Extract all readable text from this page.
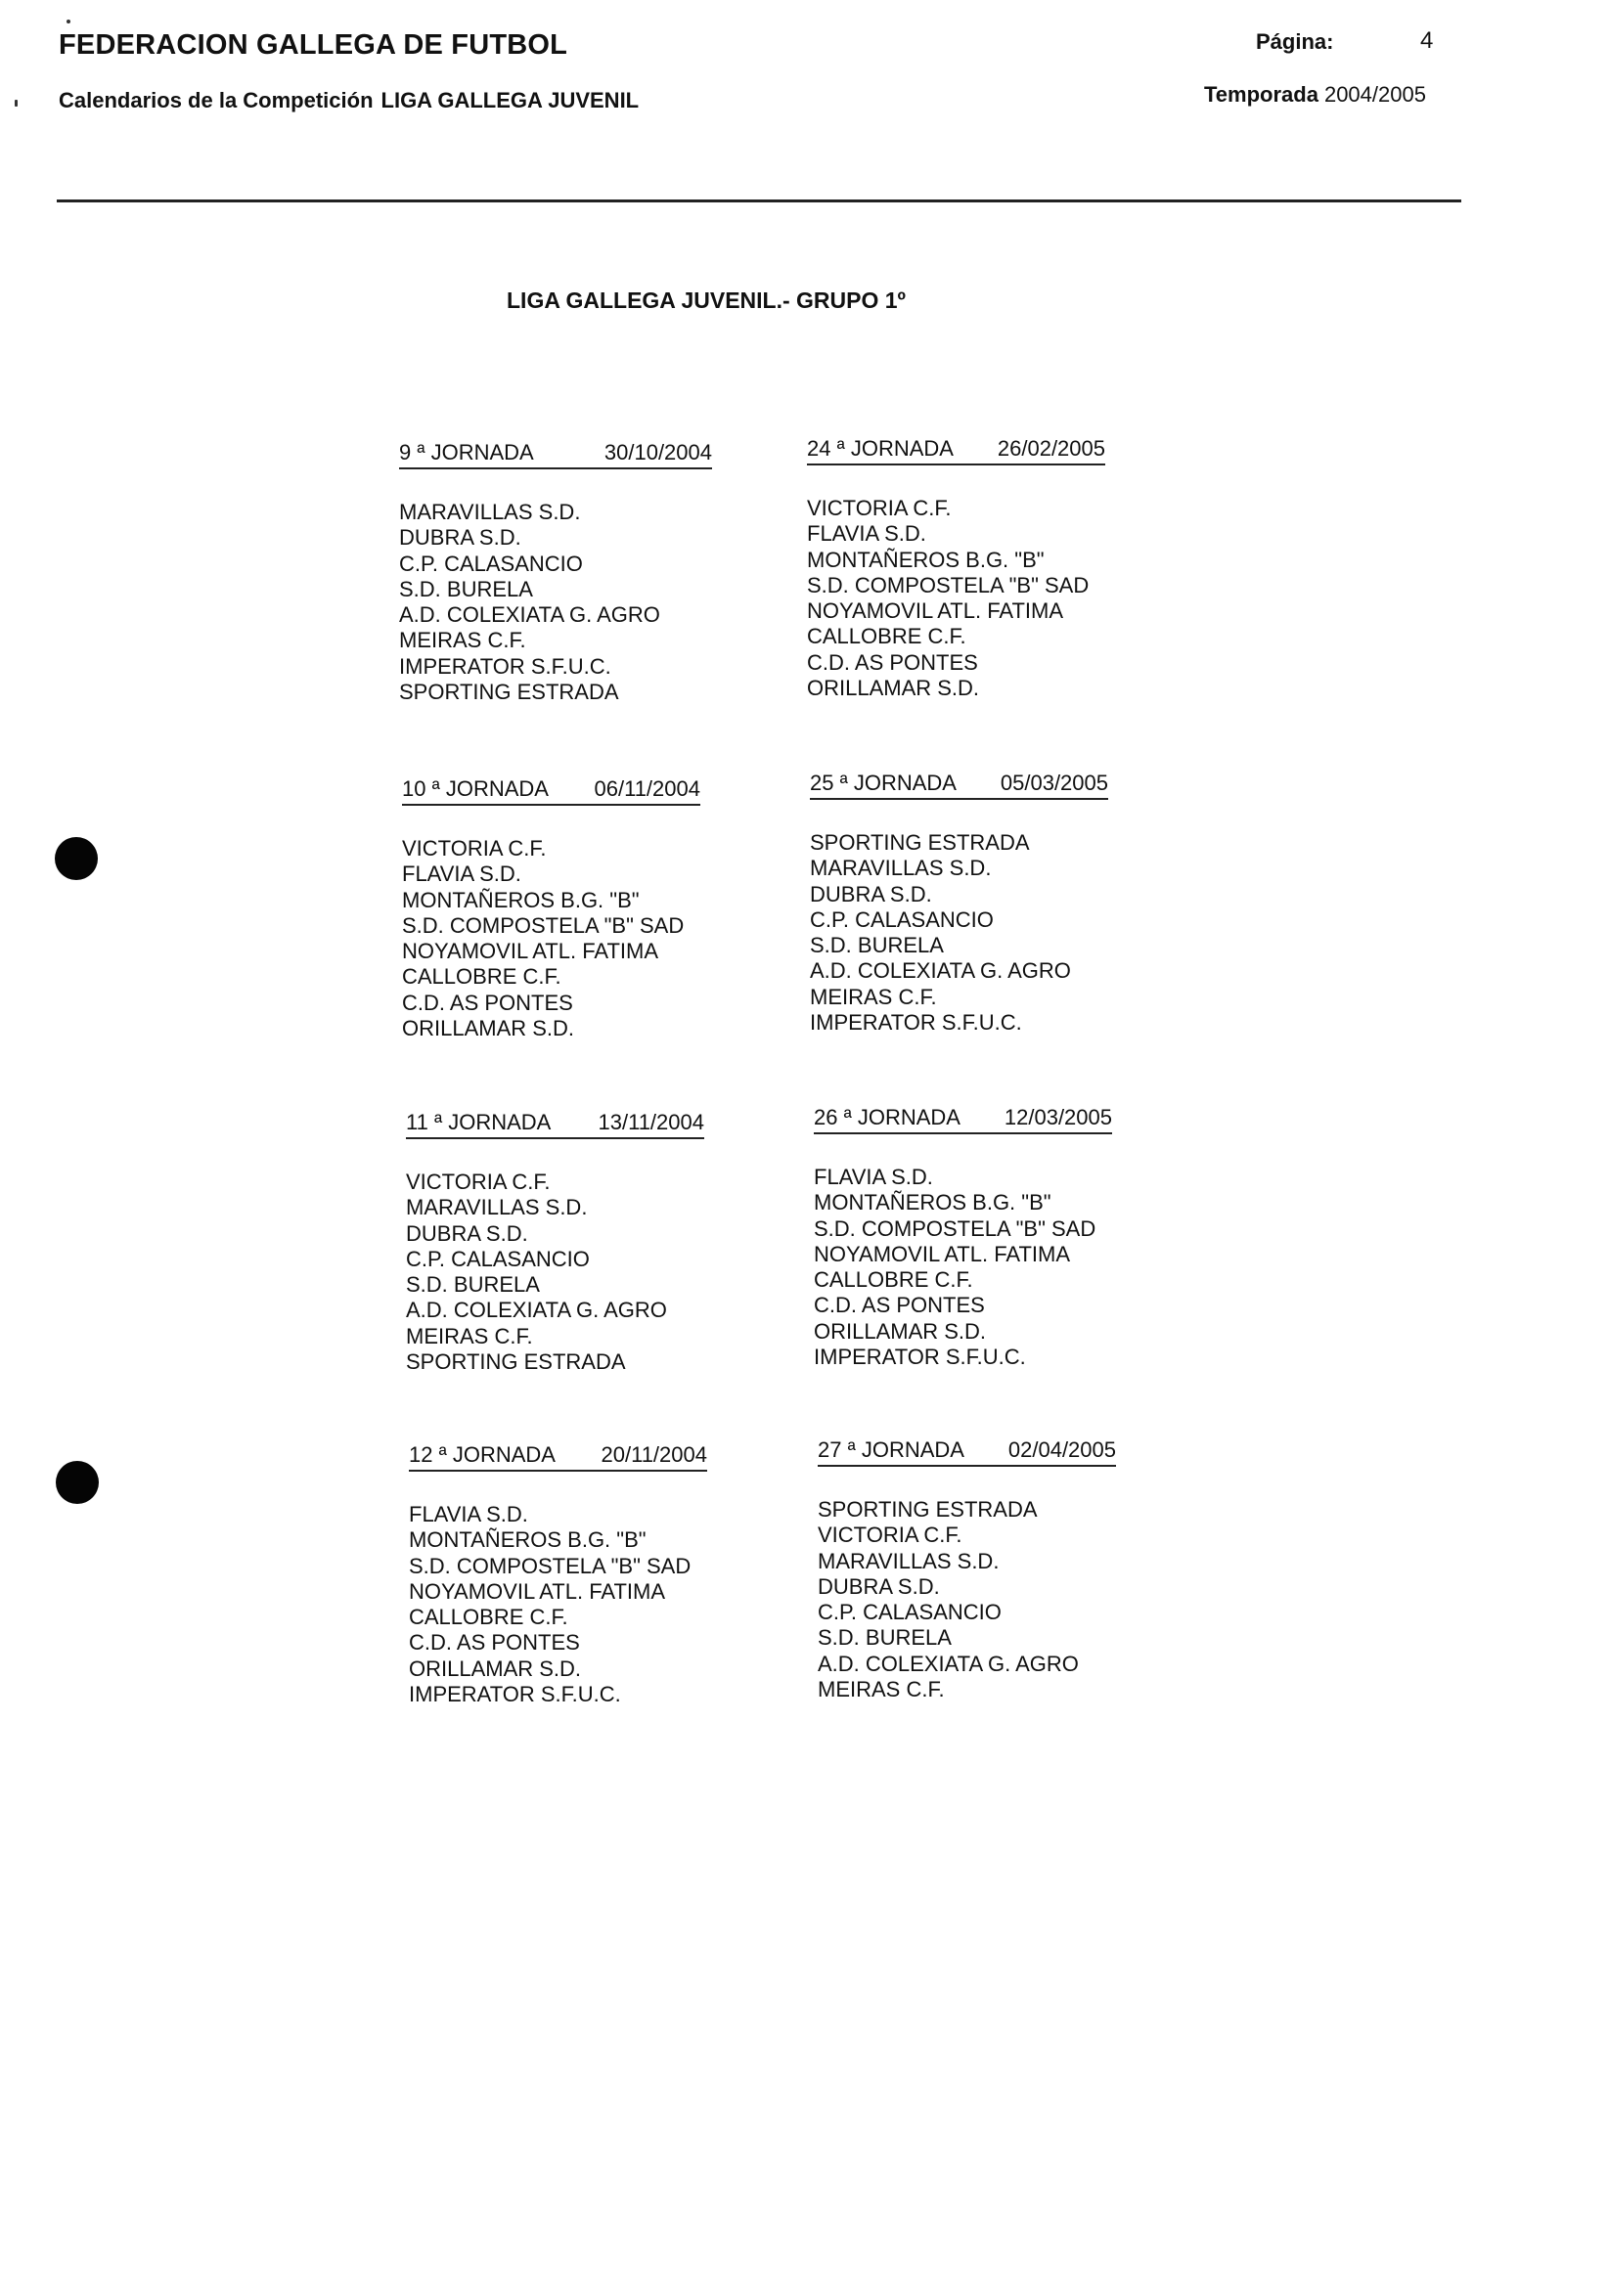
FEDERACION GALLEGA DE FUTBOL
Calendarios de la Competición LIGA GALLEGA JUVENIL
Página:	4
Temporada 2004/2005
LIGA GALLEGA JUVENIL.- GRUPO 1º
9 ª JORNADA	30/10/2004
MARAVILLAS S.D.
DUBRA S.D.
C.P. CALASANCIO
S.D. BURELA
A.D. COLEXIATA G. AGRO
MEIRAS C.F.
IMPERATOR S.F.U.C.
SPORTING ESTRADA
24 ª JORNADA 26/02/2005
VICTORIA C.F.
FLAVIA S.D.
MONTAÑEROS B.G. "B"
S.D. COMPOSTELA "B" SAD
NOYAMOVIL ATL. FATIMA
CALLOBRE C.F.
C.D. AS PONTES
ORILLAMAR S.D.
10 ª JORNADA 06/11/2004
VICTORIA C.F.
FLAVIA S.D.
MONTAÑEROS B.G. "B"
S.D. COMPOSTELA "B" SAD
NOYAMOVIL ATL. FATIMA
CALLOBRE C.F.
C.D. AS PONTES
ORILLAMAR S.D.
25 ª JORNADA 05/03/2005
SPORTING ESTRADA
MARAVILLAS S.D.
DUBRA S.D.
C.P. CALASANCIO
S.D. BURELA
A.D. COLEXIATA G. AGRO
MEIRAS C.F.
IMPERATOR S.F.U.C.
11 ª JORNADA 13/11/2004
VICTORIA C.F.
MARAVILLAS S.D.
DUBRA S.D.
C.P. CALASANCIO
S.D. BURELA
A.D. COLEXIATA G. AGRO
MEIRAS C.F.
SPORTING ESTRADA
26 ª JORNADA 12/03/2005
FLAVIA S.D.
MONTAÑEROS B.G. "B"
S.D. COMPOSTELA "B" SAD
NOYAMOVIL ATL. FATIMA
CALLOBRE C.F.
C.D. AS PONTES
ORILLAMAR S.D.
IMPERATOR S.F.U.C.
12 ª JORNADA 20/11/2004
FLAVIA S.D.
MONTAÑEROS B.G. "B"
S.D. COMPOSTELA "B" SAD
NOYAMOVIL ATL. FATIMA
CALLOBRE C.F.
C.D. AS PONTES
ORILLAMAR S.D.
IMPERATOR S.F.U.C.
27 ª JORNADA 02/04/2005
SPORTING ESTRADA
VICTORIA C.F.
MARAVILLAS S.D.
DUBRA S.D.
C.P. CALASANCIO
S.D. BURELA
A.D. COLEXIATA G. AGRO
MEIRAS C.F.
